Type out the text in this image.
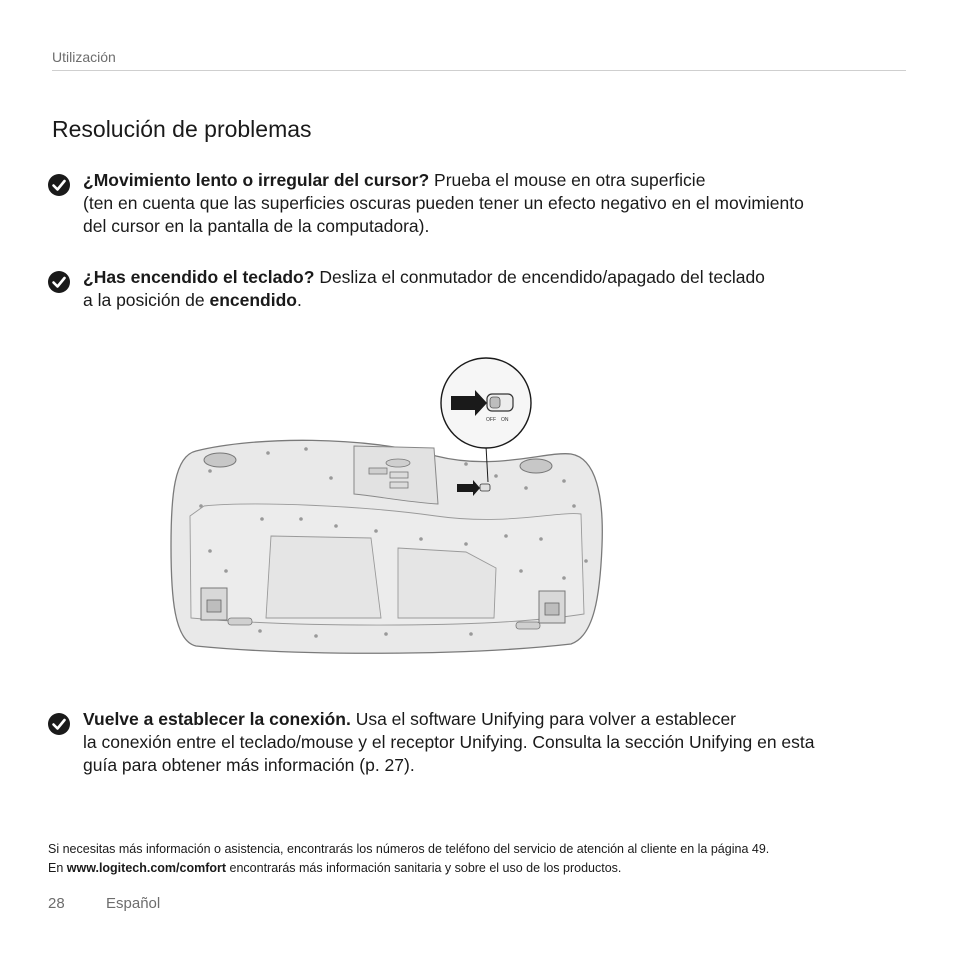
Utilización
Resolución de problemas
¿Movimiento lento o irregular del cursor? Prueba el mouse en otra superficie
(ten en cuenta que las superficies oscuras pueden tener un efecto negativo en el movimiento
del cursor en la pantalla de la computadora).
¿Has encendido el teclado? Desliza el conmutador de encendido/apagado del teclado
a la posición de encendido.
OFF ON
Vuelve a establecer la conexión. Usa el software Unifying para volver a establecer
la conexión entre el teclado/mouse y el receptor Unifying. Consulta la sección Unifying en esta
guía para obtener más información (p. 27).
Si necesitas más información o asistencia, encontrarás los números de teléfono del servicio de atención al cliente en la página 49.
En www.logitech.com/comfort encontrarás más información sanitaria y sobre el uso de los productos.
28	Español
